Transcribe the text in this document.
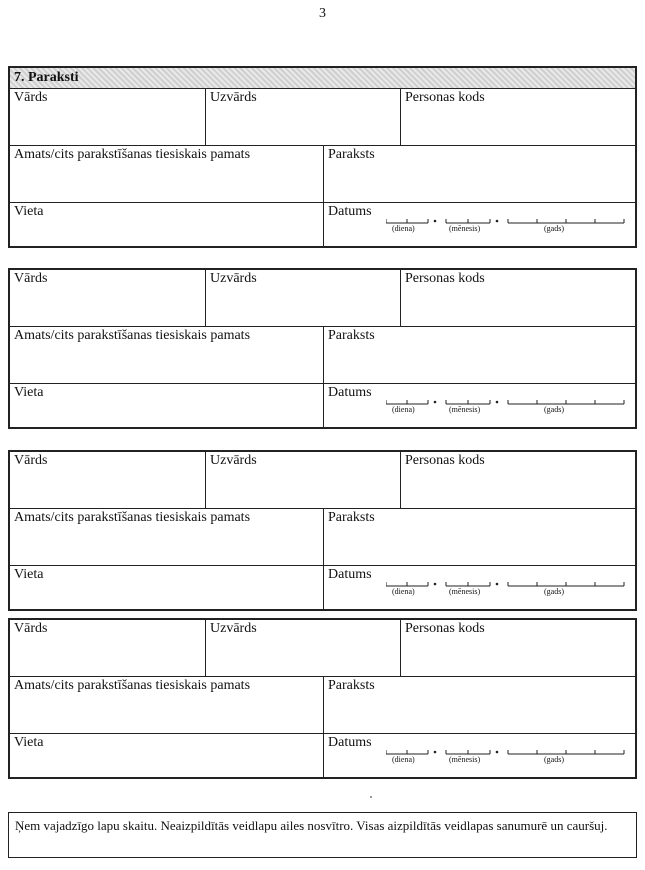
3
7. Paraksti
Vārds	Uzvārds	Personas kods
Amats/cits parakstīšanas tiesiskais pamats	Paraksts
Vieta	Datums
(diena)	(mēnesis)	(gads)
Vārds	Uzvārds	Personas kods
Amats/cits parakstīšanas tiesiskais pamats	Paraksts
Vieta	Datums
(diena)	(mēnesis)	(gads)
Vārds	Uzvārds	Personas kods
Amats/cits parakstīšanas tiesiskais pamats	Paraksts
Vieta	Datums
(diena)	(mēnesis)	(gads)
Vārds	Uzvārds	Personas kods
Amats/cits parakstīšanas tiesiskais pamats	Paraksts
Vieta	Datums
(diena)	(mēnesis)	(gads)
Ņem vajadzīgo lapu skaitu. Neaizpildītās veidlapu ailes nosvītro. Visas aizpildītās veidlapas sanumurē un cauršuj.
